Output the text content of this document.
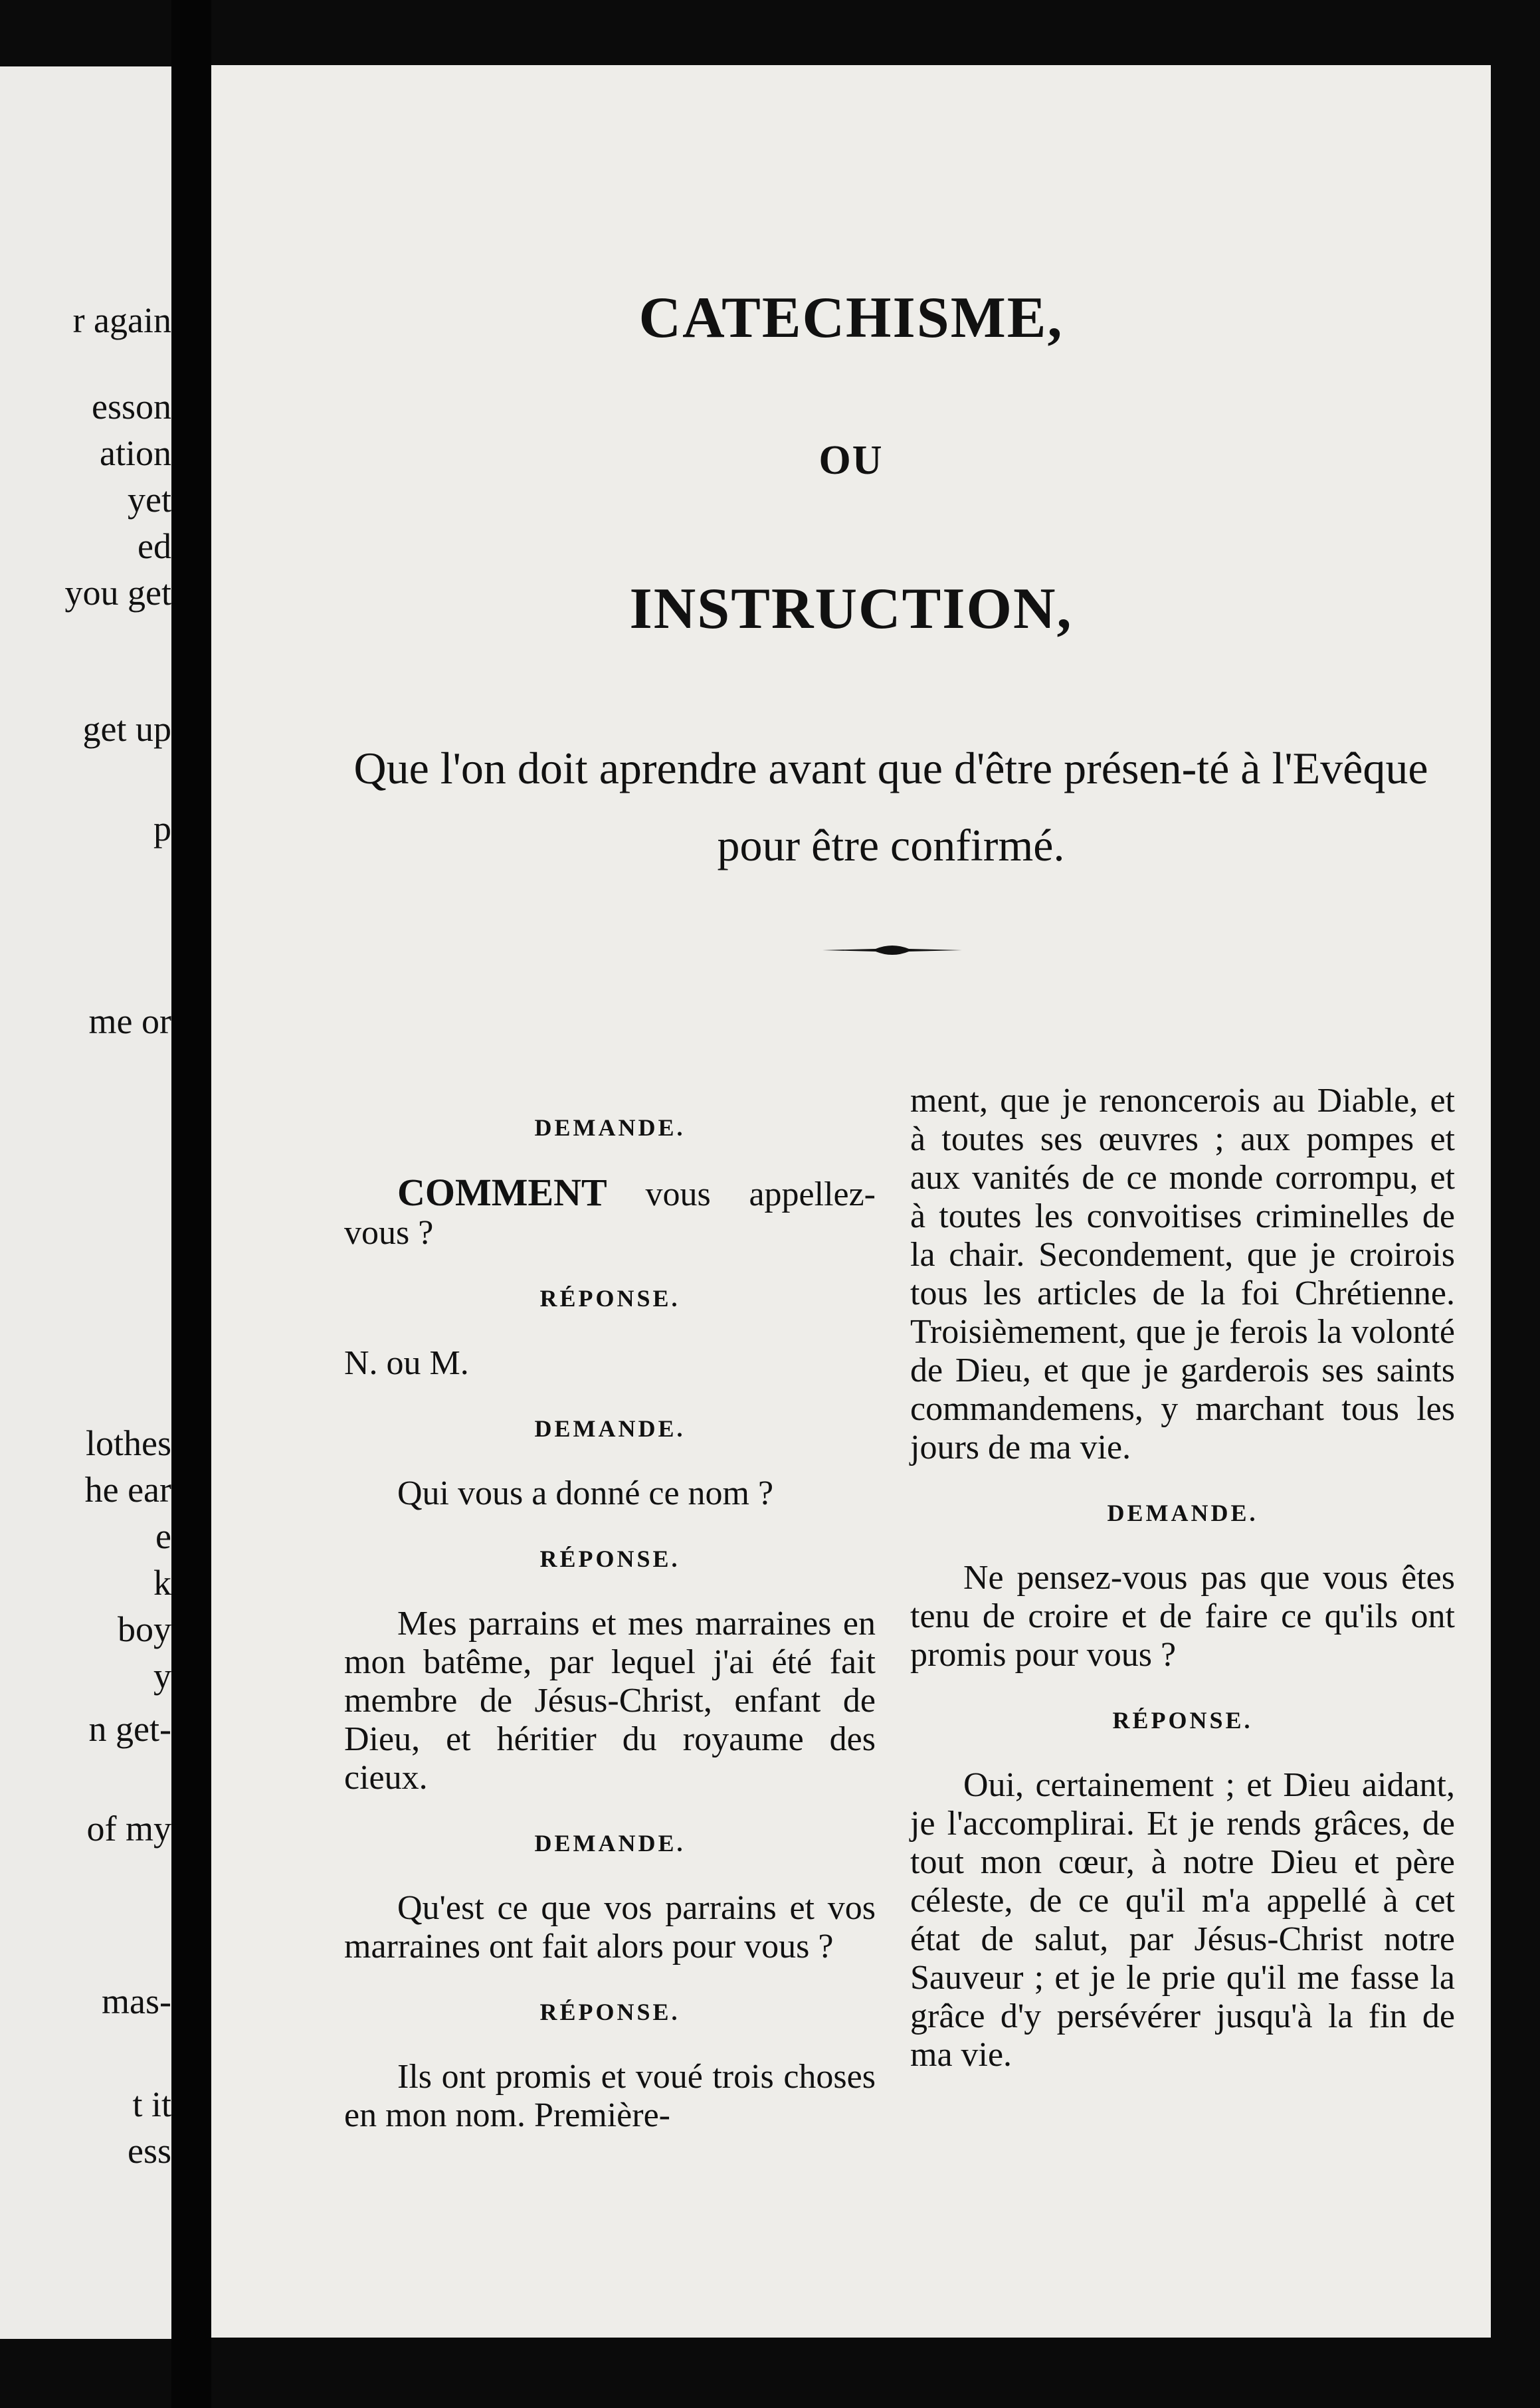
r again

esson

ation

yet

ed

you get

get up

p

me or

lothes

he ear

e

k

boy

y

n get-

of my

mas-

t it

ess

CATECHISME,
OU
INSTRUCTION,

Que l'on doit aprendre avant que d'être présen-té à l'Evêque pour être confirmé.

DEMANDE.

COMMENT vous appellez-vous ?

RÉPONSE.

N. ou M.

DEMANDE.

Qui vous a donné ce nom ?

RÉPONSE.

Mes parrains et mes marraines en mon batême, par lequel j'ai été fait membre de Jésus-Christ, enfant de Dieu, et héritier du royaume des cieux.

DEMANDE.

Qu'est ce que vos parrains et vos marraines ont fait alors pour vous ?

RÉPONSE.

Ils ont promis et voué trois choses en mon nom. Première-

ment, que je renoncerois au Diable, et à toutes ses œuvres ; aux pompes et aux vanités de ce monde corrompu, et à toutes les convoitises criminelles de la chair. Secondement, que je croirois tous les articles de la foi Chrétienne. Troisièmement, que je ferois la volonté de Dieu, et que je garderois ses saints commandemens, y marchant tous les jours de ma vie.

DEMANDE.

Ne pensez-vous pas que vous êtes tenu de croire et de faire ce qu'ils ont promis pour vous ?

RÉPONSE.

Oui, certainement ; et Dieu aidant, je l'accomplirai. Et je rends grâces, de tout mon cœur, à notre Dieu et père céleste, de ce qu'il m'a appellé à cet état de salut, par Jésus-Christ notre Sauveur ; et je le prie qu'il me fasse la grâce d'y persévérer jusqu'à la fin de ma vie.
